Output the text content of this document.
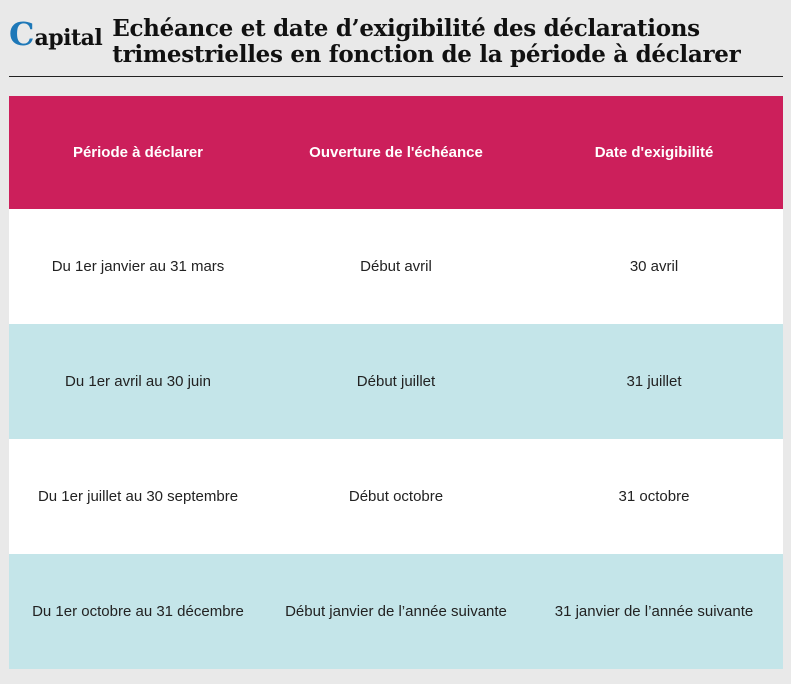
C apital Echéance et date d’exigibilité des déclarations
trimestrielles en fonction de la période à déclarer
Période à déclarer	Ouverture de l'échéance	Date d'exigibilité
Du 1er janvier au 31 mars	Début avril	30 avril
Du 1er avril au 30 juin	Début juillet	31 juillet
Du 1er juillet au 30 septembre	Début octobre	31 octobre
Du 1er octobre au 31 décembre	Début janvier de l’année suivante	31 janvier de l’année suivante
